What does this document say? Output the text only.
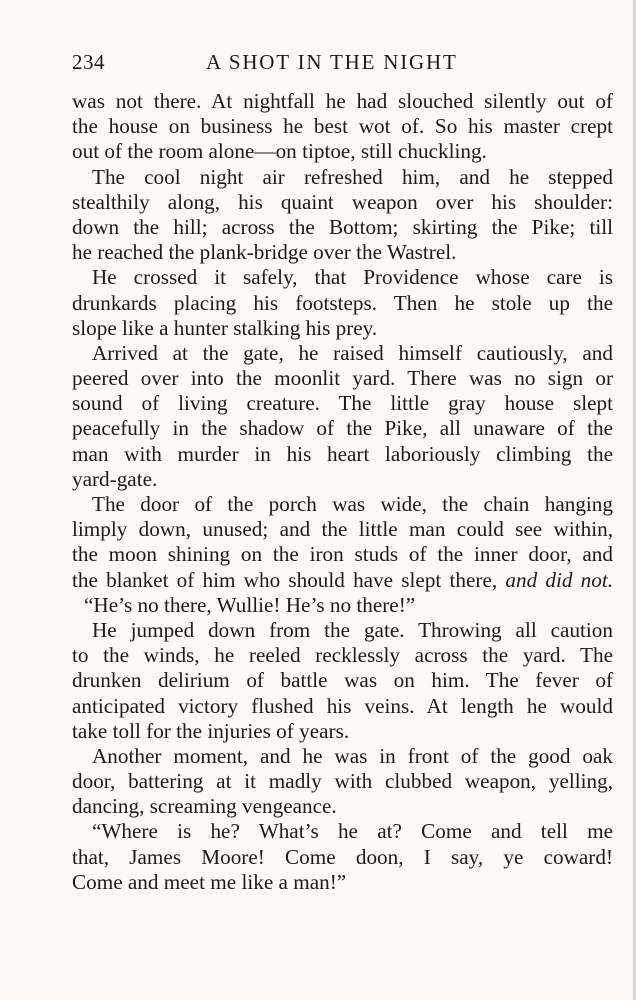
234	A SHOT IN THE NIGHT
was not there. At nightfall he had slouched silently out of
the house on business he best wot of. So his master crept
out of the room alone—on tiptoe, still chuckling.
The cool night air refreshed him, and he stepped
stealthily along, his quaint weapon over his shoulder:
down the hill; across the Bottom; skirting the Pike; till
he reached the plank-bridge over the Wastrel.
He crossed it safely, that Providence whose care is
drunkards placing his footsteps. Then he stole up the
slope like a hunter stalking his prey.
Arrived at the gate, he raised himself cautiously, and
peered over into the moonlit yard. There was no sign or
sound of living creature. The little gray house slept
peacefully in the shadow of the Pike, all unaware of the
man with murder in his heart laboriously climbing the
yard-gate.
The door of the porch was wide, the chain hanging
limply down, unused; and the little man could see within,
the moon shining on the iron studs of the inner door, and
the blanket of him who should have slept there, and did not.
“He’s no there, Wullie! He’s no there!”
He jumped down from the gate. Throwing all caution
to the winds, he reeled recklessly across the yard. The
drunken delirium of battle was on him. The fever of
anticipated victory flushed his veins. At length he would
take toll for the injuries of years.
Another moment, and he was in front of the good oak
door, battering at it madly with clubbed weapon, yelling,
dancing, screaming vengeance.
“Where is he? What’s he at? Come and tell me
that, James Moore! Come doon, I say, ye coward!
Come and meet me like a man!”
